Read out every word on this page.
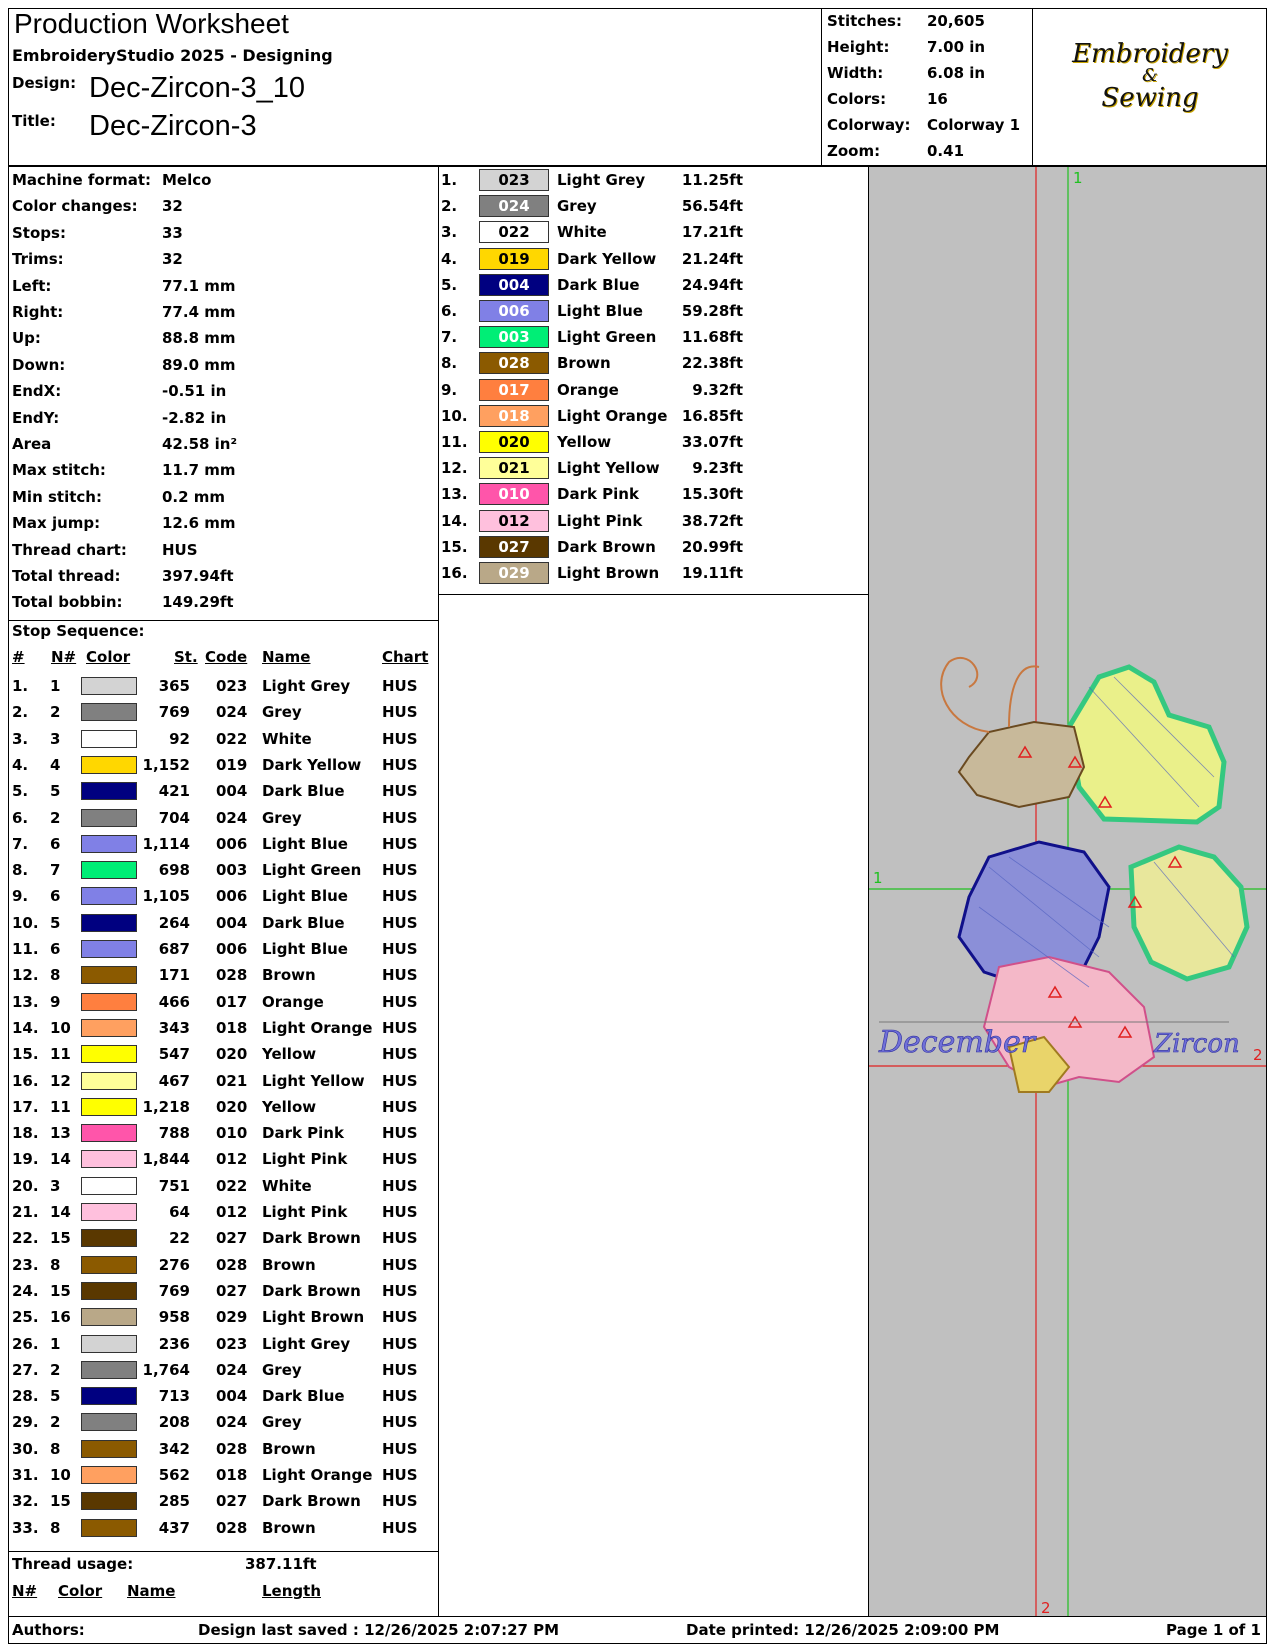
Production Worksheet
EmbroideryStudio 2025 - Designing
Design: Dec-Zircon-3_10
Title: Dec-Zircon-3
Stitches: 20,605
Height:	7.00 in
Width:	6.08 in
Colors:	16
Colorway: Colorway 1
Zoom:	0.41
Embroidery
&
Sewing
Machine format: Melco
Color changes: 32
Stops:	33
Trims:	32
Left:	77.1 mm
Right:	77.4 mm
Up:	88.8 mm
Down:	89.0 mm
EndX:	-0.51 in
EndY:	-2.82 in
Area	42.58 in²
Max stitch:	11.7 mm
Min stitch:	0.2 mm
Max jump:	12.6 mm
Thread chart: HUS
Total thread:	397.94ft
Total bobbin:	149.29ft
1.	023	Light Grey	11.25ft
2.	024	Grey	56.54ft
3.	022	White	17.21ft
4.	019	Dark Yellow	21.24ft
5.	004	Dark Blue	24.94ft
6.	006	Light Blue	59.28ft
7.	003	Light Green	11.68ft
8.	028	Brown	22.38ft
9.	017	Orange	9.32ft
10.	018	Light Orange 16.85ft
11.	020	Yellow	33.07ft
12.	021	Light Yellow	9.23ft
13.	010	Dark Pink	15.30ft
14.	012	Light Pink	38.72ft
15.	027	Dark Brown	20.99ft
16.	029	Light Brown	19.11ft
Stop Sequence:
# N# Color	St. Code Name	Chart
1. 1	365 023 Light Grey HUS
2. 2	769 024 Grey	HUS
3. 3	92 022 White	HUS
4. 4	1,152 019 Dark Yellow HUS
5. 5	421 004 Dark Blue HUS
6. 2	704 024 Grey	HUS
7. 6	1,114 006 Light Blue HUS
8. 7	698 003 Light Green HUS
9. 6	1,105 006 Light Blue HUS
10. 5	264 004 Dark Blue HUS
11. 6	687 006 Light Blue HUS
12. 8	171 028 Brown	HUS
13. 9	466 017 Orange	HUS
14. 10	343 018 Light Orange HUS
15. 11	547 020 Yellow	HUS
16. 12	467 021 Light Yellow HUS
17. 11	1,218 020 Yellow	HUS
18. 13	788 010 Dark Pink	HUS
19. 14	1,844 012 Light Pink HUS
20. 3	751 022 White	HUS
21. 14	64 012 Light Pink HUS
22. 15	22 027 Dark Brown HUS
23. 8	276 028 Brown	HUS
24. 15	769 027 Dark Brown HUS
25. 16	958 029 Light Brown HUS
26. 1	236 023 Light Grey HUS
27. 2	1,764 024 Grey	HUS
28. 5	713 004 Dark Blue HUS
29. 2	208 024 Grey	HUS
30. 8	342 028 Brown	HUS
31. 10	562 018 Light Orange HUS
32. 15	285 027 Dark Brown HUS
33. 8	437 028 Brown	HUS
Thread usage:	387.11ft
N# Color Name	Length
1
1
2
2
December	Zircon
Authors:	Design last saved : 12/26/2025 2:07:27 PM	Date printed: 12/26/2025 2:09:00 PM	Page 1 of 1
